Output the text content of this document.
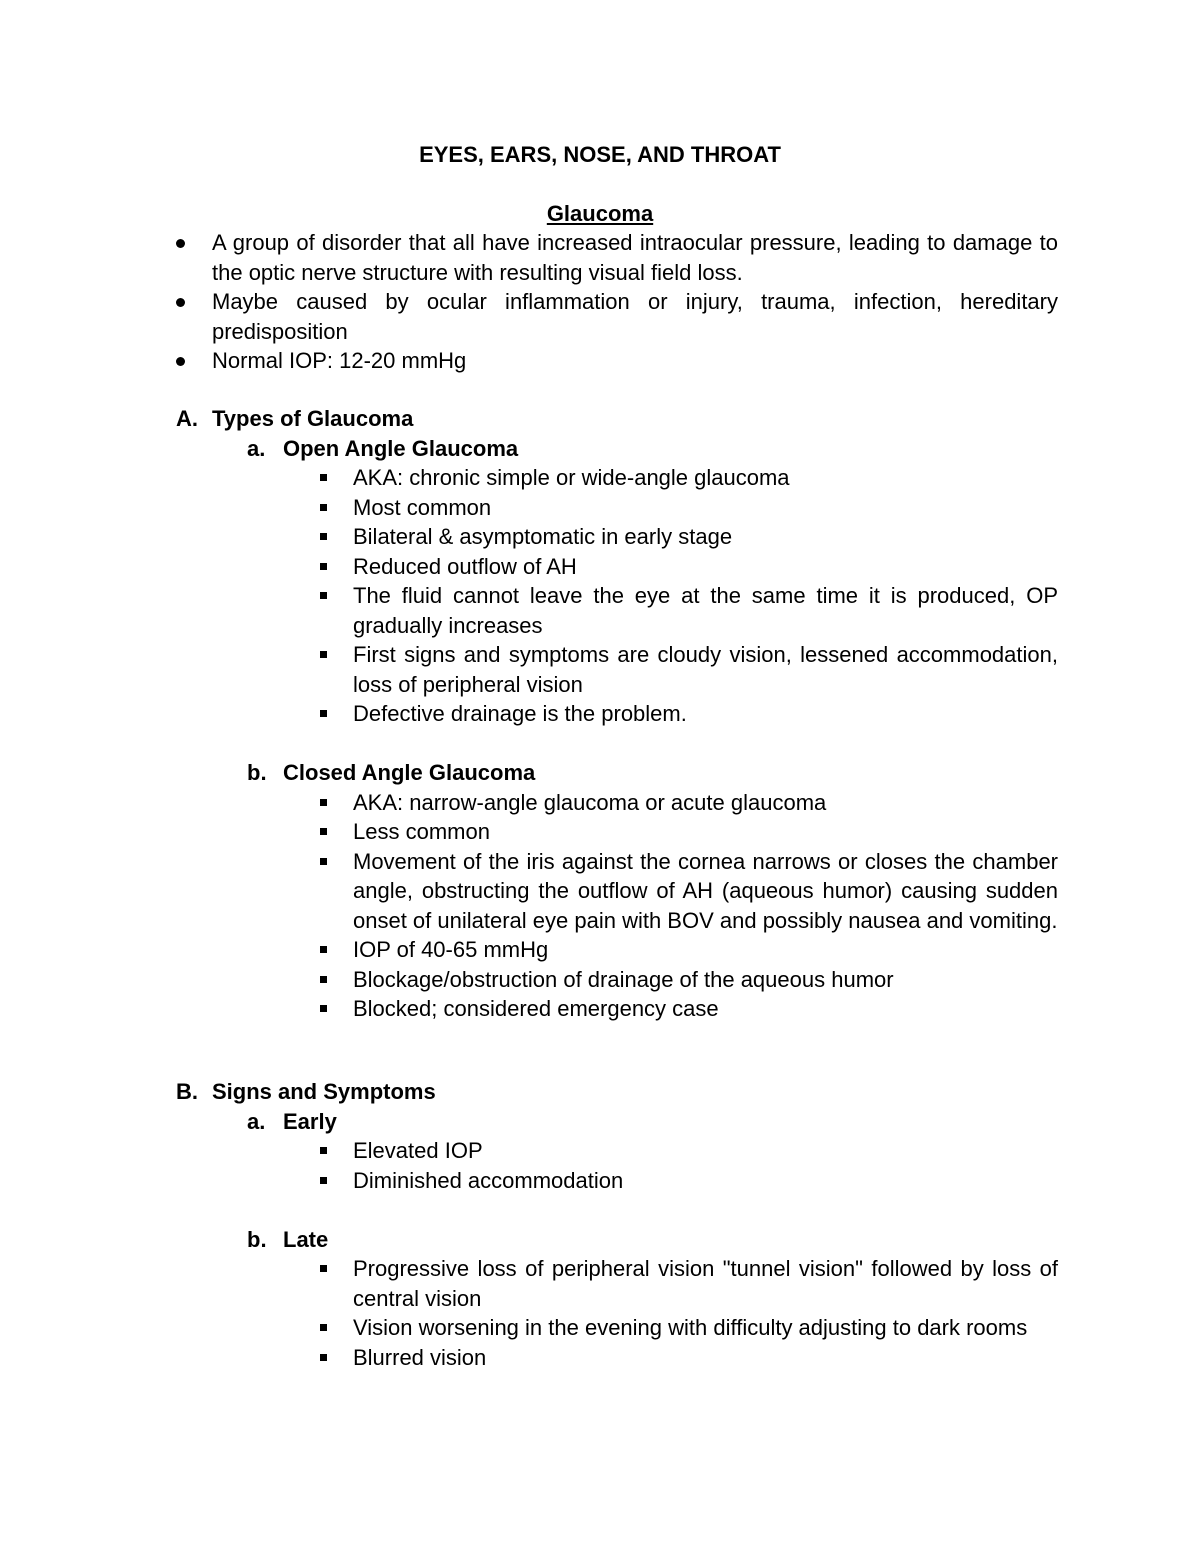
EYES, EARS, NOSE, AND THROAT
Glaucoma
A group of disorder that all have increased intraocular pressure, leading to damage to the optic nerve structure with resulting visual field loss.
Maybe caused by ocular inflammation or injury, trauma, infection, hereditary predisposition
Normal IOP: 12-20 mmHg
A. Types of Glaucoma
a. Open Angle Glaucoma
AKA: chronic simple or wide-angle glaucoma
Most common
Bilateral & asymptomatic in early stage
Reduced outflow of AH
The fluid cannot leave the eye at the same time it is produced, OP gradually increases
First signs and symptoms are cloudy vision, lessened accommodation, loss of peripheral vision
Defective drainage is the problem.
b. Closed Angle Glaucoma
AKA: narrow-angle glaucoma or acute glaucoma
Less common
Movement of the iris against the cornea narrows or closes the chamber angle, obstructing the outflow of AH (aqueous humor) causing sudden onset of unilateral eye pain with BOV and possibly nausea and vomiting.
IOP of 40-65 mmHg
Blockage/obstruction of drainage of the aqueous humor
Blocked; considered emergency case
B. Signs and Symptoms
a. Early
Elevated IOP
Diminished accommodation
b. Late
Progressive loss of peripheral vision "tunnel vision" followed by loss of central vision
Vision worsening in the evening with difficulty adjusting to dark rooms
Blurred vision
